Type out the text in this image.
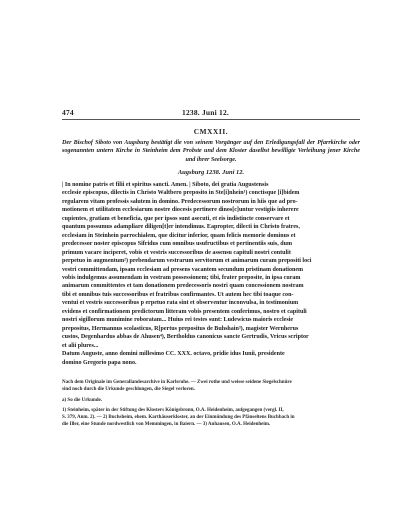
474	1238. Juni 12.
CMXXII.
Der Bischof Siboto von Augsburg bestätigt die von seinem Vorgänger auf den Erledigungsfall der Pfarrkirche oder sogenannten untern Kirche in Steinheim dem Probste und dem Kloster daselbst bewilligte Verleihung jener Kirche und ihrer Seelsorge.
Augsburg 1238. Juni 12.
| In nomine patris et filii et spiritus sancti. Amen. | Siboto, dei gratia Augustensis
ecclesie episcopus, dilectis in Christo Waltbero preposito in Ste[i]nhein¹) conctisque [i]bidem
regularem vitam professis salutem in domino. Predecessorum nostrorum in hiis que ad pro-
motionem et utilitatem ecclesiarum nostre diocesis pertinere dinos[c]untur vestigiis inherere
cupientes, gratiam et beneficia, que per ipsos sunt asecuti, et eis indistincte conservare et
quantum possumus adampliare diligen[t]er intendimus. Eapropter, dilecti in Christo fratres,
ecclesiam in Steinhein parrochialem, que dicitur inferior, quam felicis memorie dominus et
predecessor noster episcopus Sifridus cum omnibus usufructibus et pertinentiis suis, dum
primum vacare inciperet, vobis et vestris successoribus de assensu capituli nostri contulit
perpetuo in augmentum²) prebendarum vestrarum servitorum et animarum curam prepositi loci
vestri committendam, ipsam ecclesiam ad presens vacantem secundum pristinam donationem
vobis indulgemus assumendam in vestram possessionem; tibi, frater preposite, in ipsa curam
animarum committentes et tam donationem predecessoris nostri quam concessionem nostram
tibi et omnibus tuis successoribus et fratribus confirmantes. Ut autem hec tibi toaque con-
ventui et vestris successoribus p erpetuo rata sint et observentur inconvulsa, in testimonium
evidens et confirmationem predictorum litteram vobis presentem conferimus, nostro et capituli
nostri sigillorum munimine roboratam... Huius rei testes sunt: Ludewicus maioris ecclesie
prepositus, Hermannus scolasticus, R[pertus prepositus de Buhshain³), magister Wernherus
custos, Degenhardus abbas de Ahusen⁴), Bertholdus canonicus sancte Gertrudis, Vricus scriptor
et alii plures...
Datum Auguste, anno domini millesimo CC. XXX. octavo, pridie idus Iunii, presidente
domino Gregorio papa nono.
Nach dem Originale im Generallandesarchive in Karlsruhe. — Zwei rothe und weisse seidene Siegelschnüre
sind noch durch die Urkunde geschlungen, die Siegel verloren.
a) So die Urkunde.
1) Steinheim, später in der Stiftung des Klosters Königsbronn, O.A. Heidenheim, aufgegangen (vergl. II,
S. 379, Anm. 2). — 2) Buchsheim, ehem. Karthäuserkloster, an der Einmündung des Pfänseltens Buchbach in
die Iller, eine Stunde nordwestlich von Memmingen, in Baiern. — 3) Anhausen, O.A. Heidenheim.
